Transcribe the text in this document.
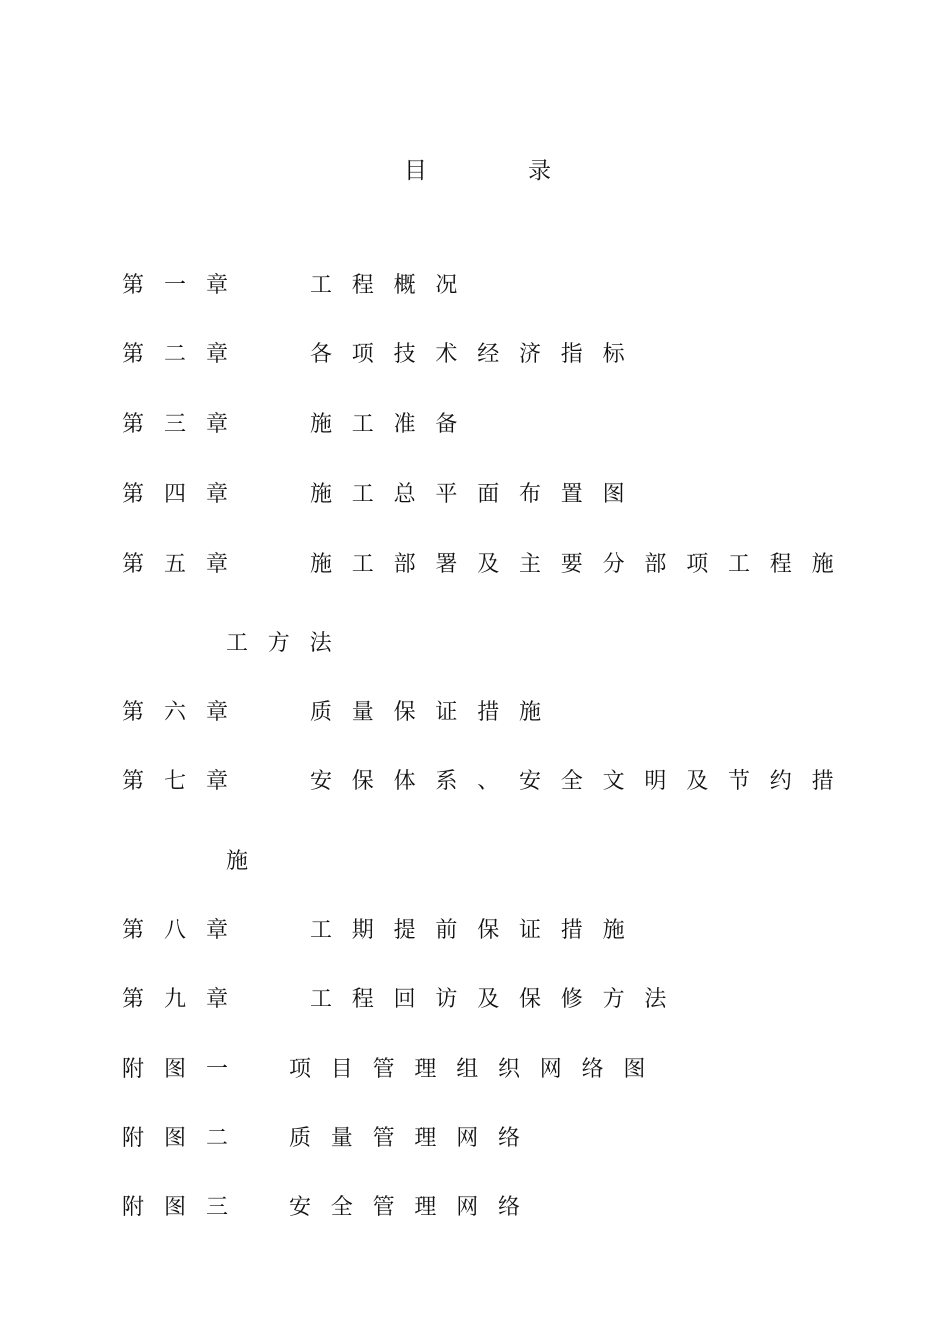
目	录
第一章	工程概况
第二章	各项技术经济指标
第三章	施工准备
第四章	施工总平面布置图
第五章	施工部署及主要分部项工程施
工方法
第六章	质量保证措施
第七章	安保体系、安全文明及节约措
施
第八章	工期提前保证措施
第九章	工程回访及保修方法
附图一 项目管理组织网络图
附图二 质量管理网络
附图三 安全管理网络
